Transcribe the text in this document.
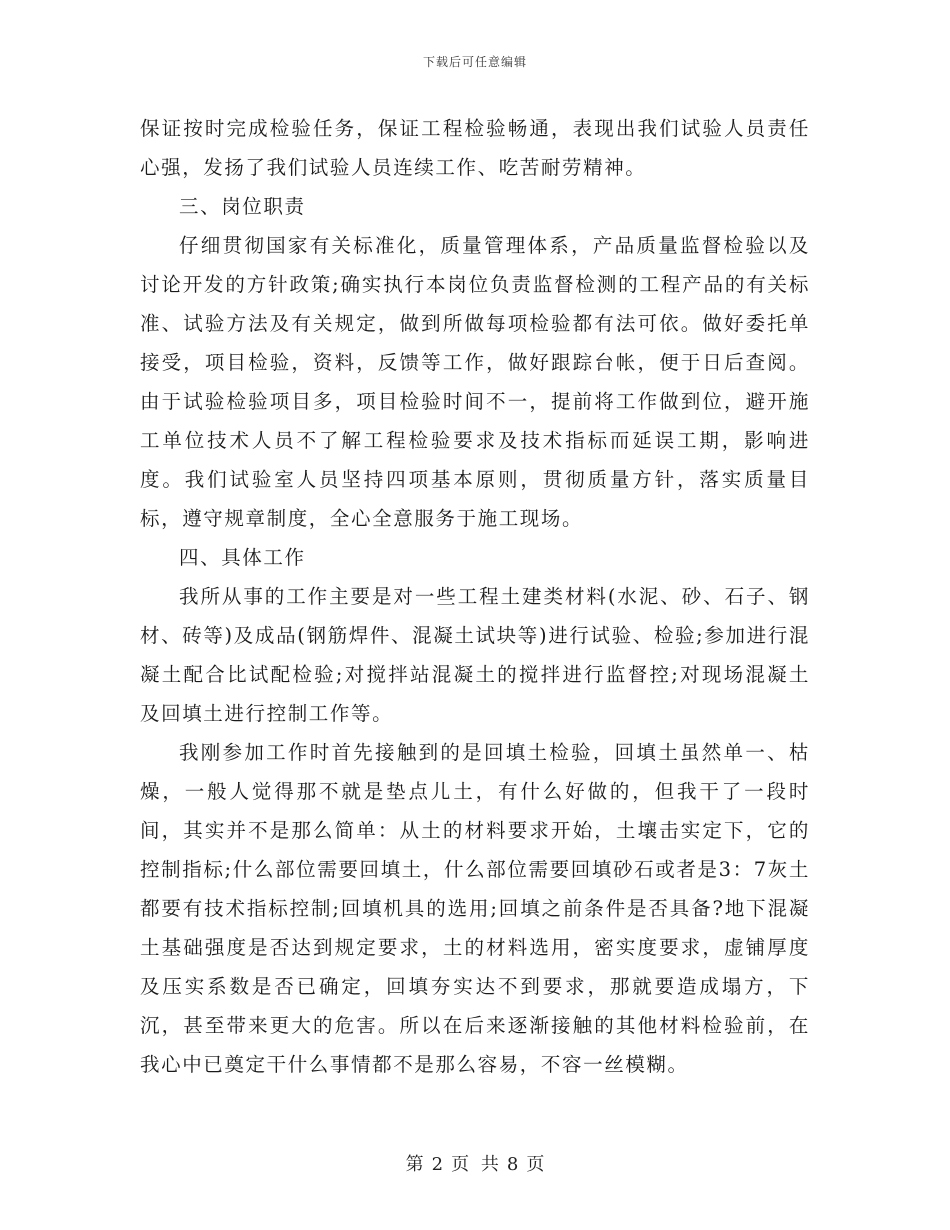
下载后可任意编辑

保证按时完成检验任务，保证工程检验畅通，表现出我们试验人员责任心强，发扬了我们试验人员连续工作、吃苦耐劳精神。

三、岗位职责

仔细贯彻国家有关标准化，质量管理体系，产品质量监督检验以及讨论开发的方针政策;确实执行本岗位负责监督检测的工程产品的有关标准、试验方法及有关规定，做到所做每项检验都有法可依。做好委托单接受，项目检验，资料，反馈等工作，做好跟踪台帐，便于日后查阅。由于试验检验项目多，项目检验时间不一，提前将工作做到位，避开施工单位技术人员不了解工程检验要求及技术指标而延误工期，影响进度。我们试验室人员坚持四项基本原则，贯彻质量方针，落实质量目标，遵守规章制度，全心全意服务于施工现场。

四、具体工作

我所从事的工作主要是对一些工程土建类材料(水泥、砂、石子、钢材、砖等)及成品(钢筋焊件、混凝土试块等)进行试验、检验;参加进行混凝土配合比试配检验;对搅拌站混凝土的搅拌进行监督控;对现场混凝土及回填土进行控制工作等。

我刚参加工作时首先接触到的是回填土检验，回填土虽然单一、枯燥，一般人觉得那不就是垫点儿土，有什么好做的，但我干了一段时间，其实并不是那么简单：从土的材料要求开始，土壤击实定下，它的控制指标;什么部位需要回填土，什么部位需要回填砂石或者是3：7灰土都要有技术指标控制;回填机具的选用;回填之前条件是否具备?地下混凝土基础强度是否达到规定要求，土的材料选用，密实度要求，虚铺厚度及压实系数是否已确定，回填夯实达不到要求，那就要造成塌方，下沉，甚至带来更大的危害。所以在后来逐渐接触的其他材料检验前，在我心中已奠定干什么事情都不是那么容易，不容一丝模糊。

第 2 页 共 8 页
